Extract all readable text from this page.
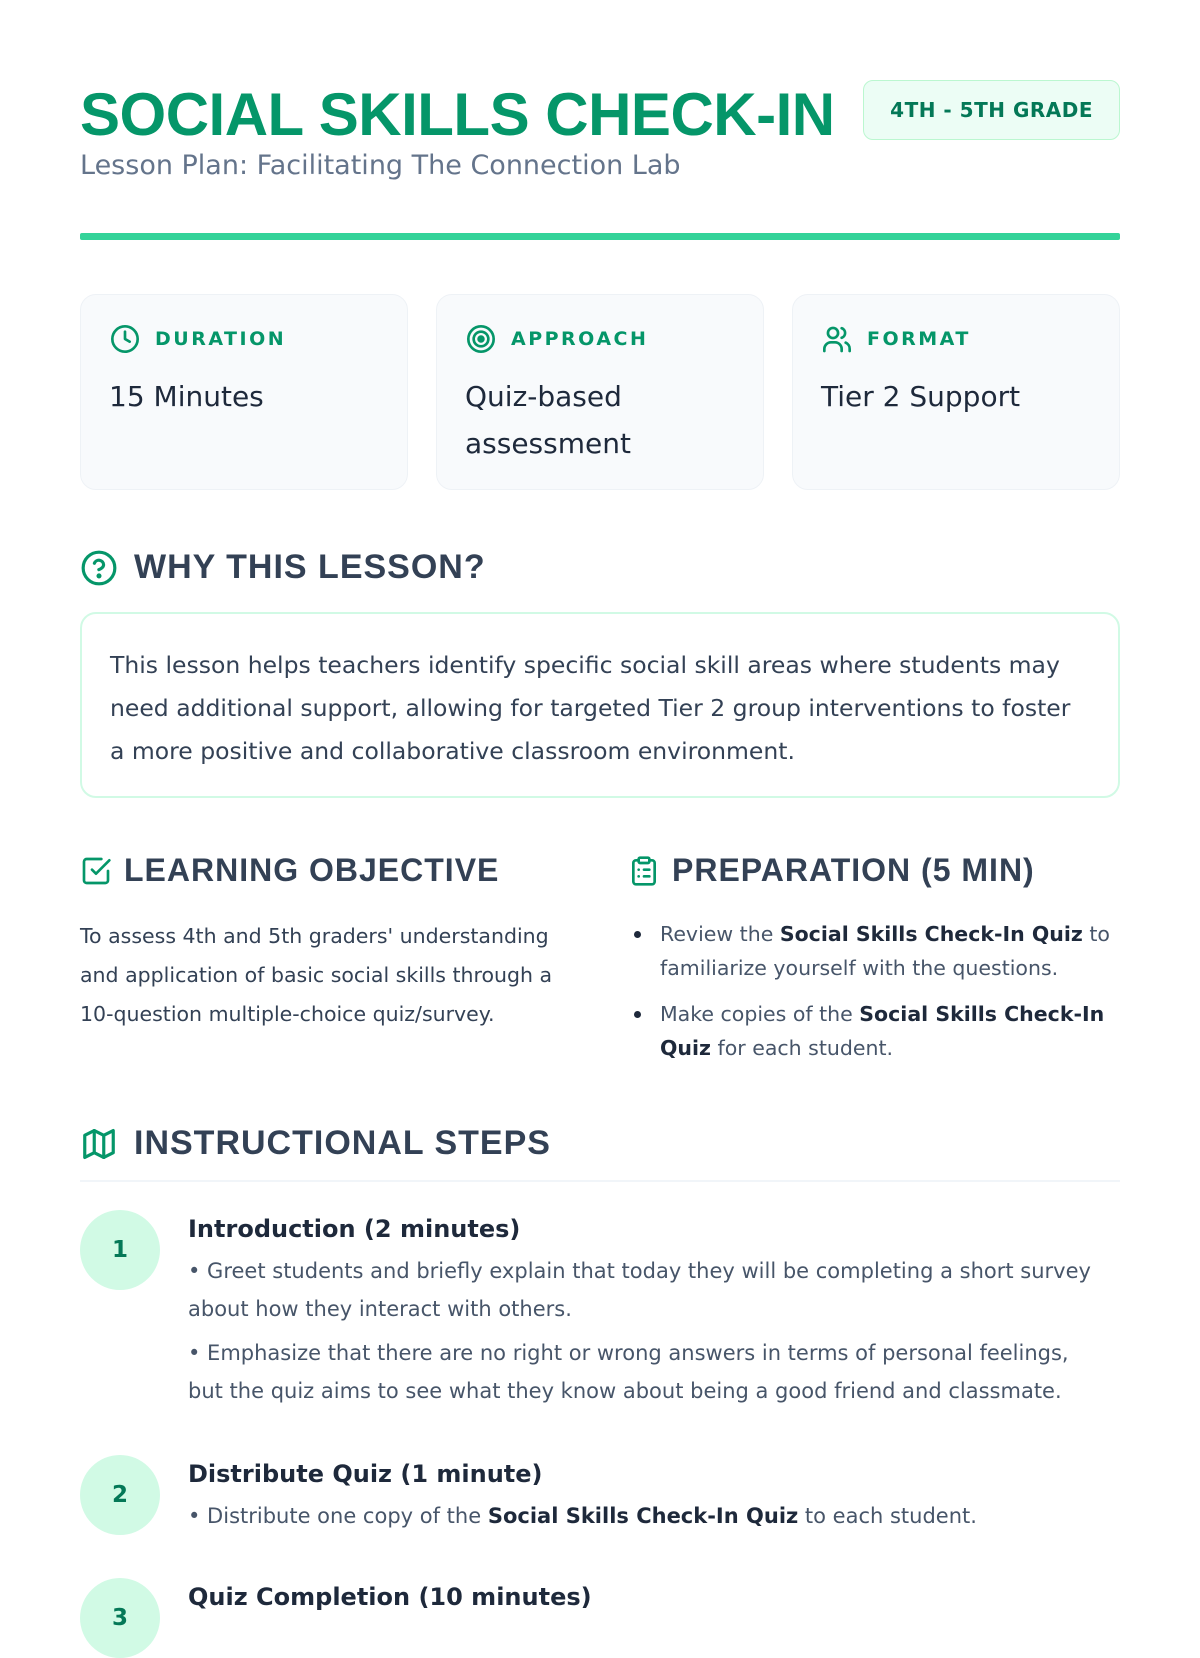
SOCIAL SKILLS CHECK-IN	4TH - 5TH GRADE

Lesson Plan: Facilitating The Connection Lab

DURATION
15 Minutes
APPROACH
Quiz-based assessment
FORMAT
Tier 2 Support
WHY THIS LESSON?

This lesson helps teachers identify specific social skill areas where students may need additional support, allowing for targeted Tier 2 group interventions to foster a more positive and collaborative classroom environment.

LEARNING OBJECTIVE

To assess 4th and 5th graders' understanding and application of basic social skills through a 10-question multiple-choice quiz/survey.

PREPARATION (5 MIN)
Review the Social Skills Check-In Quiz to familiarize yourself with the questions.
Make copies of the Social Skills Check-In Quiz for each student.
INSTRUCTIONAL STEPS
1

Introduction (2 minutes)

• Greet students and briefly explain that today they will be completing a short survey about how they interact with others.

• Emphasize that there are no right or wrong answers in terms of personal feelings, but the quiz aims to see what they know about being a good friend and classmate.

2

Distribute Quiz (1 minute)

• Distribute one copy of the Social Skills Check-In Quiz to each student.

3

Quiz Completion (10 minutes)
